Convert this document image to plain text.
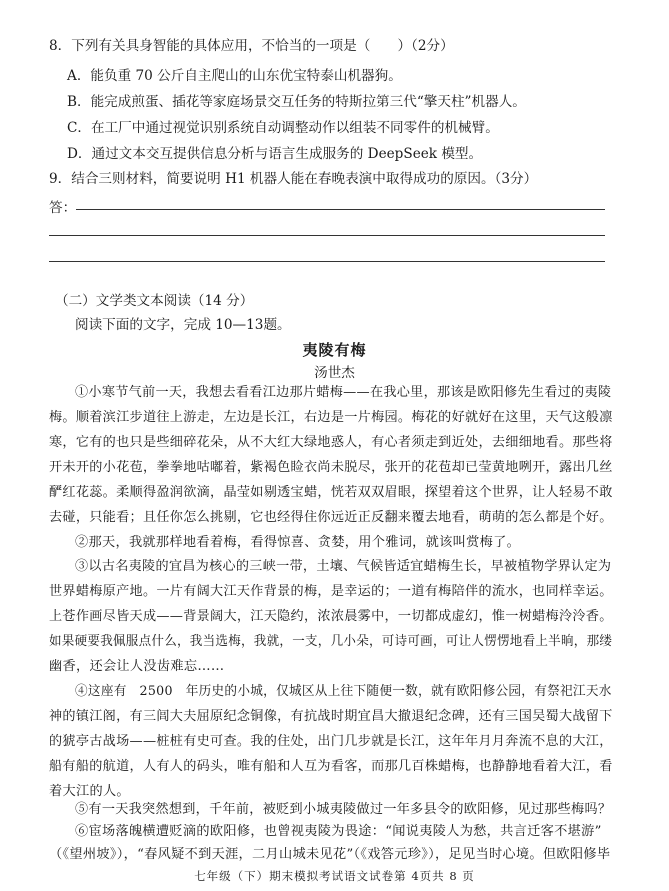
8．下列有关具身智能的具体应用，不恰当的一项是（　　）（2分）
A．能负重 70 公斤自主爬山的山东优宝特泰山机器狗。
B．能完成煎蛋、插花等家庭场景交互任务的特斯拉第三代“擎天柱”机器人。
C．在工厂中通过视觉识别系统自动调整动作以组装不同零件的机械臂。
D．通过文本交互提供信息分析与语言生成服务的 DeepSeek 模型。
9．结合三则材料，简要说明 H1 机器人能在春晚表演中取得成功的原因。（3分）
答：
（二）文学类文本阅读（14 分）
阅读下面的文字，完成 10—13题。
夷陵有梅
汤世杰
①小寒节气前一天，我想去看看江边那片蜡梅——在我心里，那该是欧阳修先生看过的夷陵
梅。顺着滨江步道往上游走，左边是长江，右边是一片梅园。梅花的好就好在这里，天气这般凛
寒，它有的也只是些细碎花朵，从不大红大绿地惑人，有心者须走到近处，去细细地看。那些将
开未开的小花苞，拳拳地咕嘟着，紫褐色睑衣尚未脱尽，张开的花苞却已莹黄地咧开，露出几丝
酽红花蕊。柔顺得盈润欲滴，晶莹如剔透宝蜡，恍若双双眉眼，探望着这个世界，让人轻易不敢
去碰，只能看；且任你怎么挑剔，它也经得住你远近正反翻来覆去地看，萌萌的怎么都是个好。
②那天，我就那样地看着梅，看得惊喜、贪婪，用个雅词，就该叫赏梅了。
③以古名夷陵的宜昌为核心的三峡一带，土壤、气候皆适宜蜡梅生长，早被植物学界认定为
世界蜡梅原产地。一片有阔大江天作背景的梅，是幸运的；一道有梅陪伴的流水，也同样幸运。
上苍作画尽皆天成——背景阔大，江天隐约，浓浓晨雾中，一切都成虚幻，惟一树蜡梅泠泠香。
如果硬要我佩服点什么，我当选梅，我就，一支，几小朵，可诗可画，可让人愣愣地看上半晌，那缕
幽香，还会让人没齿难忘……
④这座有　2500　年历史的小城，仅城区从上往下随便一数，就有欧阳修公园，有祭祀江天水
神的镇江阁，有三闾大夫屈原纪念铜像，有抗战时期宜昌大撤退纪念碑，还有三国吴蜀大战留下
的猇亭古战场——桩桩有史可查。我的住处，出门几步就是长江，这年年月月奔流不息的大江，
船有船的航道，人有人的码头，唯有船和人互为看客，而那几百株蜡梅，也静静地看着大江，看
着大江的人。
⑤有一天我突然想到，千年前，被贬到小城夷陵做过一年多县令的欧阳修，见过那些梅吗？
⑥宦场落魄横遭贬滴的欧阳修，也曾视夷陵为畏途：“闻说夷陵人为愁，共言迁客不堪游”
（《望州坡》），“春风疑不到天涯，二月山城未见花”（《戏答元珍》），足见当时心境。但欧阳修毕
七年级（下）期末模拟考试语文试卷第 4页共 8 页
